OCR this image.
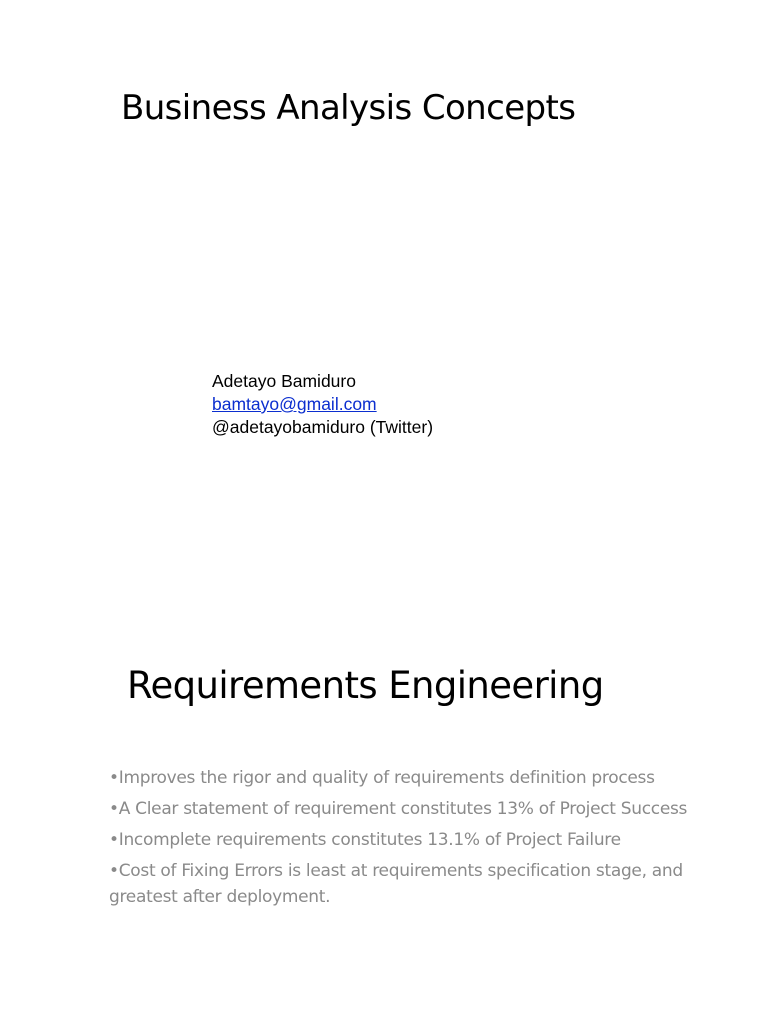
Business Analysis Concepts
Adetayo Bamiduro
bamtayo@gmail.com
@adetayobamiduro (Twitter)
Requirements Engineering
•Improves the rigor and quality of requirements definition process
•A Clear statement of requirement constitutes 13% of Project Success
•Incomplete requirements constitutes 13.1% of Project Failure
•Cost of Fixing Errors is least at requirements specification stage, and greatest after deployment.
